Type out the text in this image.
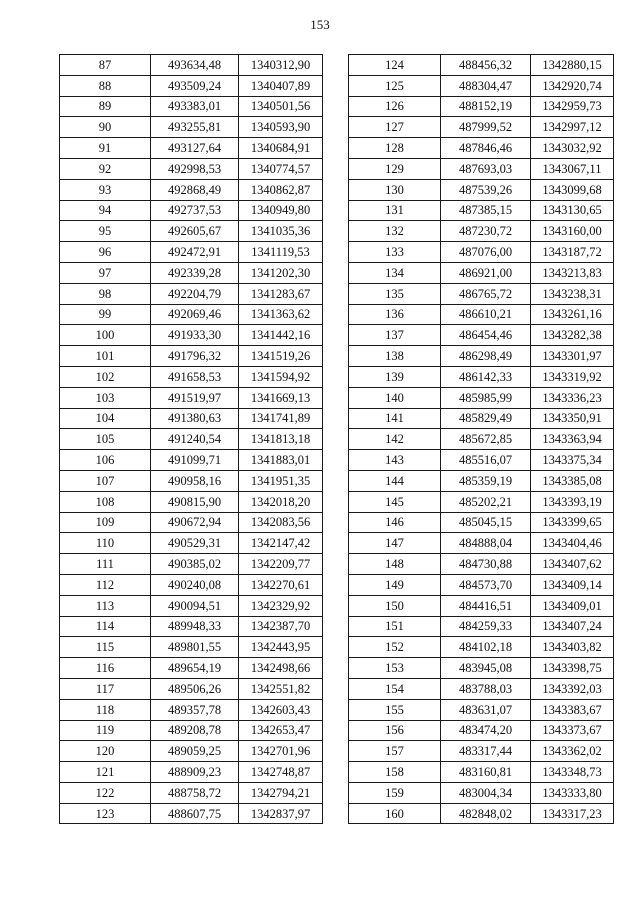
153
87	493634,48	1340312,90
88	493509,24	1340407,89
89	493383,01	1340501,56
90	493255,81	1340593,90
91	493127,64	1340684,91
92	492998,53	1340774,57
93	492868,49	1340862,87
94	492737,53	1340949,80
95	492605,67	1341035,36
96	492472,91	1341119,53
97	492339,28	1341202,30
98	492204,79	1341283,67
99	492069,46	1341363,62
100	491933,30	1341442,16
101	491796,32	1341519,26
102	491658,53	1341594,92
103	491519,97	1341669,13
104	491380,63	1341741,89
105	491240,54	1341813,18
106	491099,71	1341883,01
107	490958,16	1341951,35
108	490815,90	1342018,20
109	490672,94	1342083,56
110	490529,31	1342147,42
111	490385,02	1342209,77
112	490240,08	1342270,61
113	490094,51	1342329,92
114	489948,33	1342387,70
115	489801,55	1342443,95
116	489654,19	1342498,66
117	489506,26	1342551,82
118	489357,78	1342603,43
119	489208,78	1342653,47
120	489059,25	1342701,96
121	488909,23	1342748,87
122	488758,72	1342794,21
123	488607,75	1342837,97
124	488456,32	1342880,15
125	488304,47	1342920,74
126	488152,19	1342959,73
127	487999,52	1342997,12
128	487846,46	1343032,92
129	487693,03	1343067,11
130	487539,26	1343099,68
131	487385,15	1343130,65
132	487230,72	1343160,00
133	487076,00	1343187,72
134	486921,00	1343213,83
135	486765,72	1343238,31
136	486610,21	1343261,16
137	486454,46	1343282,38
138	486298,49	1343301,97
139	486142,33	1343319,92
140	485985,99	1343336,23
141	485829,49	1343350,91
142	485672,85	1343363,94
143	485516,07	1343375,34
144	485359,19	1343385,08
145	485202,21	1343393,19
146	485045,15	1343399,65
147	484888,04	1343404,46
148	484730,88	1343407,62
149	484573,70	1343409,14
150	484416,51	1343409,01
151	484259,33	1343407,24
152	484102,18	1343403,82
153	483945,08	1343398,75
154	483788,03	1343392,03
155	483631,07	1343383,67
156	483474,20	1343373,67
157	483317,44	1343362,02
158	483160,81	1343348,73
159	483004,34	1343333,80
160	482848,02	1343317,23
